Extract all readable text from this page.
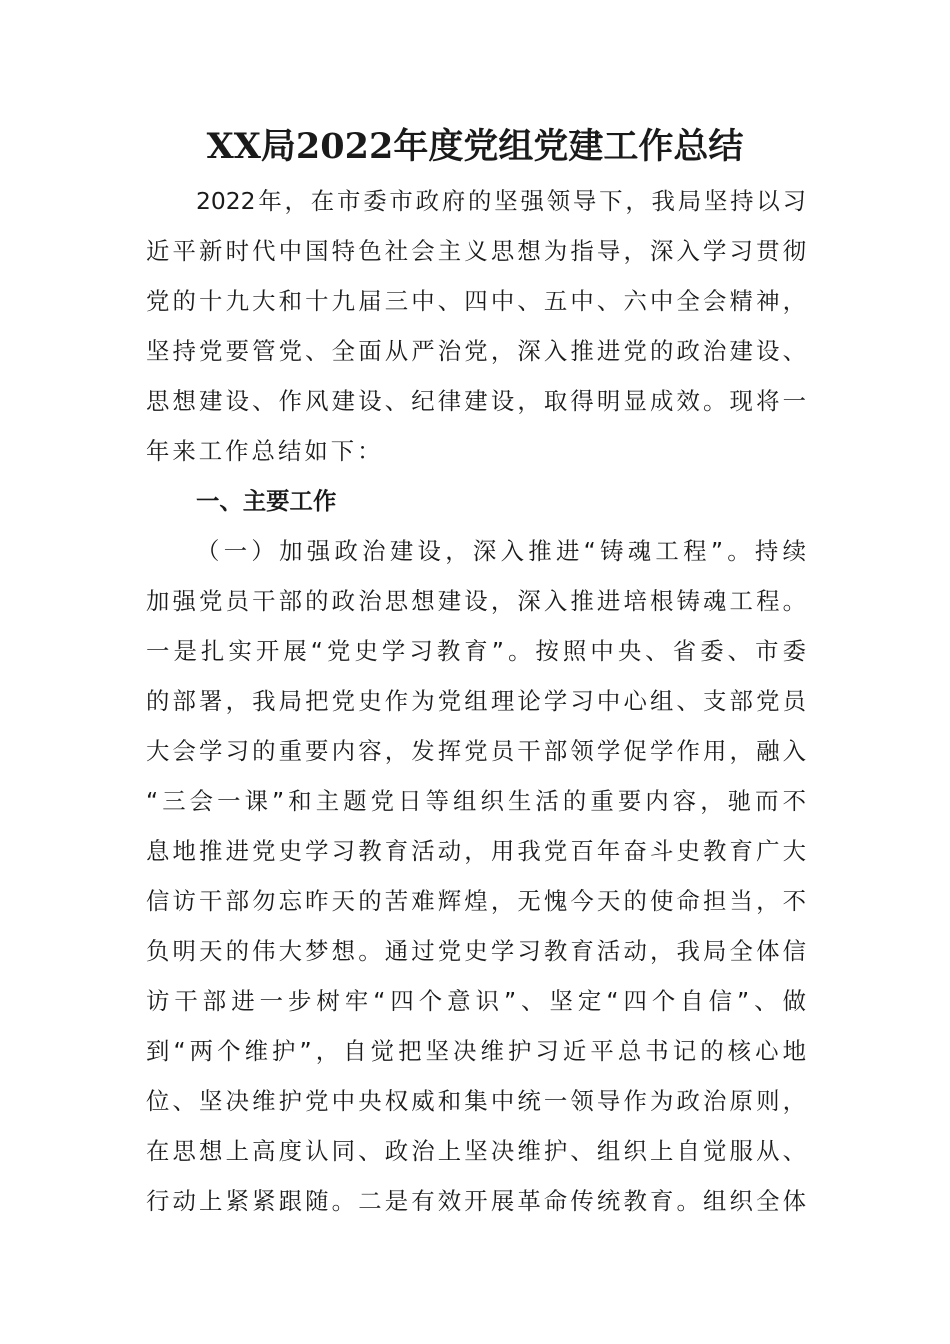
XX局2022年度党组党建工作总结
2022年，在市委市政府的坚强领导下，我局坚持以习
近平新时代中国特色社会主义思想为指导，深入学习贯彻
党的十九大和十九届三中、四中、五中、六中全会精神，
坚持党要管党、全面从严治党，深入推进党的政治建设、
思想建设、作风建设、纪律建设，取得明显成效。现将一
年来工作总结如下：
一、主要工作
（一）加强政治建设，深入推进“铸魂工程”。持续
加强党员干部的政治思想建设，深入推进培根铸魂工程。
一是扎实开展“党史学习教育”。按照中央、省委、市委
的部署，我局把党史作为党组理论学习中心组、支部党员
大会学习的重要内容，发挥党员干部领学促学作用，融入
“三会一课”和主题党日等组织生活的重要内容，驰而不
息地推进党史学习教育活动，用我党百年奋斗史教育广大
信访干部勿忘昨天的苦难辉煌，无愧今天的使命担当，不
负明天的伟大梦想。通过党史学习教育活动，我局全体信
访干部进一步树牢“四个意识”、坚定“四个自信”、做
到“两个维护”，自觉把坚决维护习近平总书记的核心地
位、坚决维护党中央权威和集中统一领导作为政治原则，
在思想上高度认同、政治上坚决维护、组织上自觉服从、
行动上紧紧跟随。二是有效开展革命传统教育。组织全体
